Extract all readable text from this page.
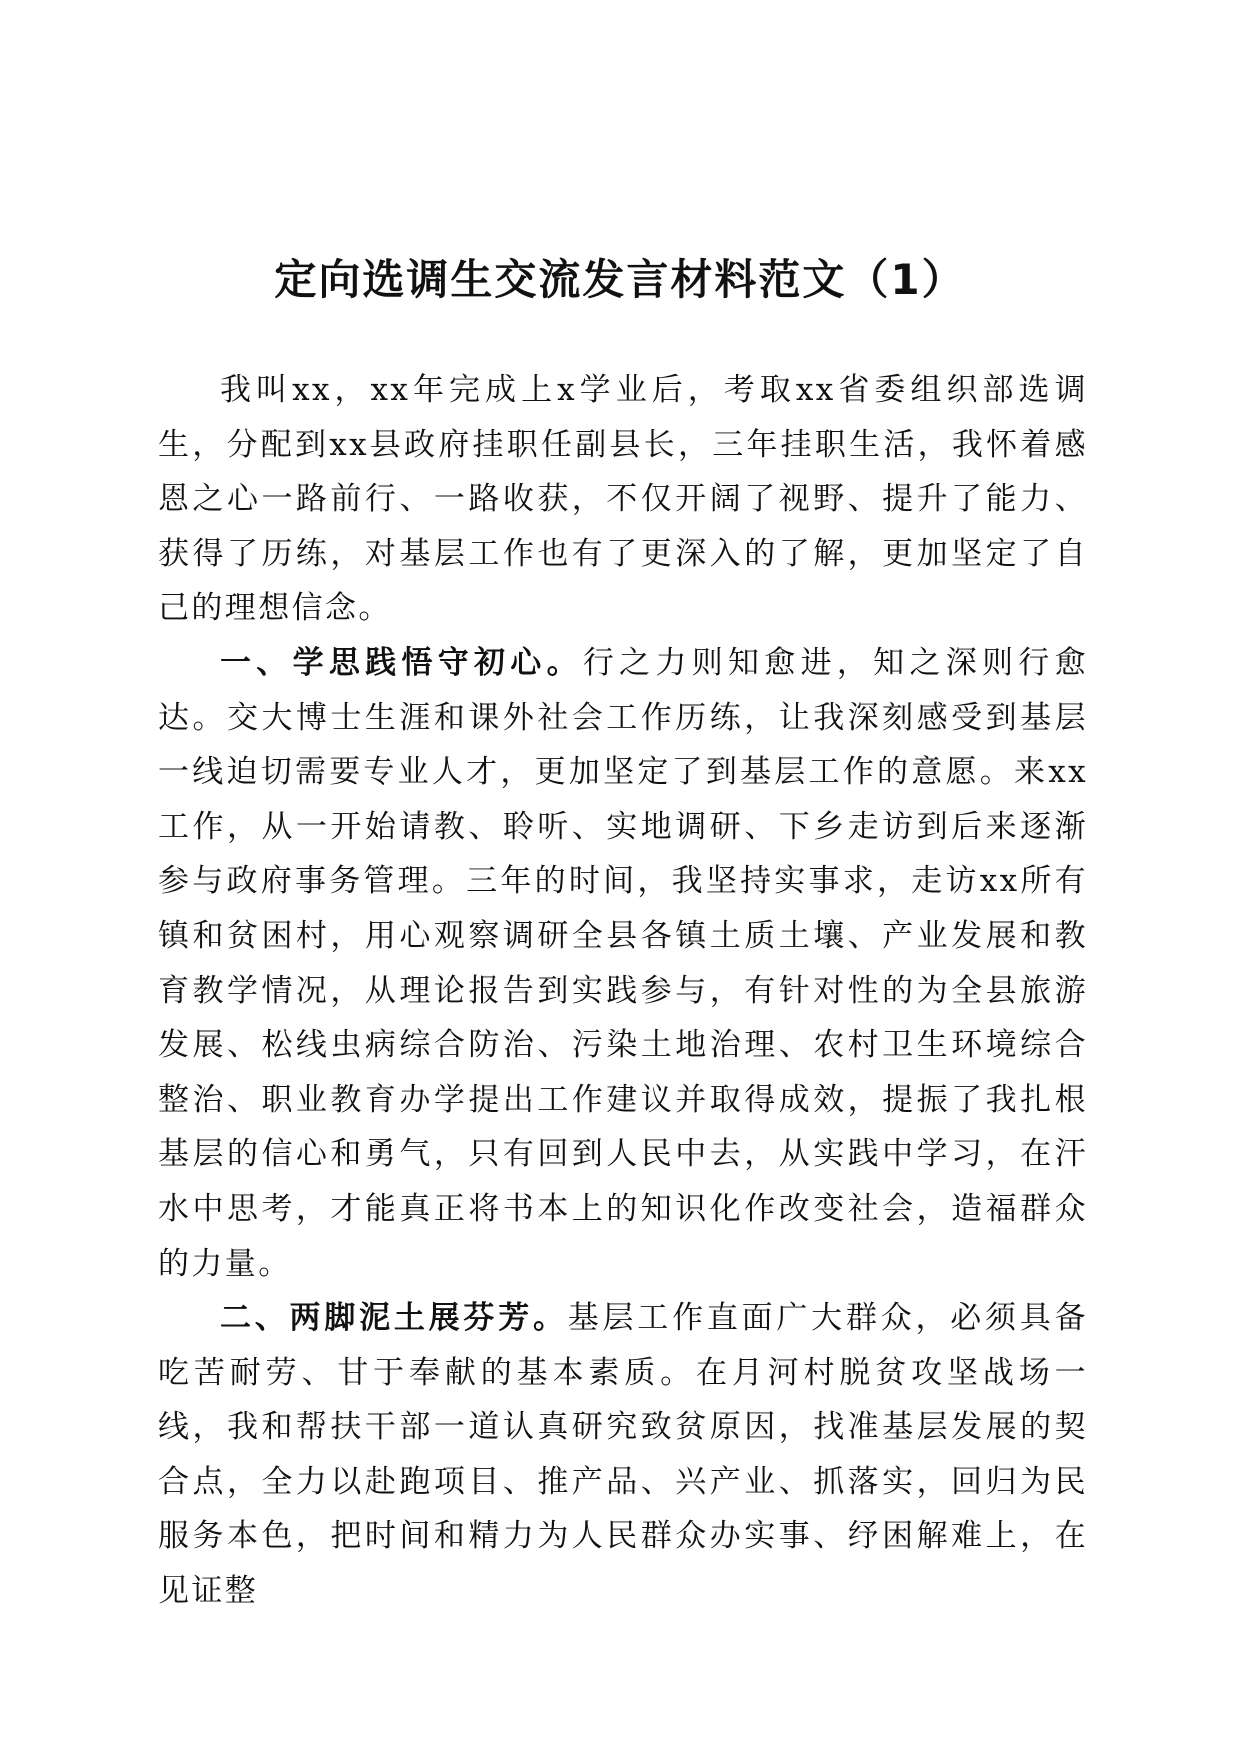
定向选调生交流发言材料范文（1）

我叫xx，xx年完成上x学业后，考取xx省委组织部选调生，分配到xx县政府挂职任副县长，三年挂职生活，我怀着感恩之心一路前行、一路收获，不仅开阔了视野、提升了能力、获得了历练，对基层工作也有了更深入的了解，更加坚定了自己的理想信念。

一、学思践悟守初心。行之力则知愈进，知之深则行愈达。交大博士生涯和课外社会工作历练，让我深刻感受到基层一线迫切需要专业人才，更加坚定了到基层工作的意愿。来xx工作，从一开始请教、聆听、实地调研、下乡走访到后来逐渐参与政府事务管理。三年的时间，我坚持实事求，走访xx所有镇和贫困村，用心观察调研全县各镇土质土壤、产业发展和教育教学情况，从理论报告到实践参与，有针对性的为全县旅游发展、松线虫病综合防治、污染土地治理、农村卫生环境综合整治、职业教育办学提出工作建议并取得成效，提振了我扎根基层的信心和勇气，只有回到人民中去，从实践中学习，在汗水中思考，才能真正将书本上的知识化作改变社会，造福群众的力量。

二、两脚泥土展芬芳。基层工作直面广大群众，必须具备吃苦耐劳、甘于奉献的基本素质。在月河村脱贫攻坚战场一线，我和帮扶干部一道认真研究致贫原因，找准基层发展的契合点，全力以赴跑项目、推产品、兴产业、抓落实，回归为民服务本色，把时间和精力为人民群众办实事、纾困解难上，在见证整
